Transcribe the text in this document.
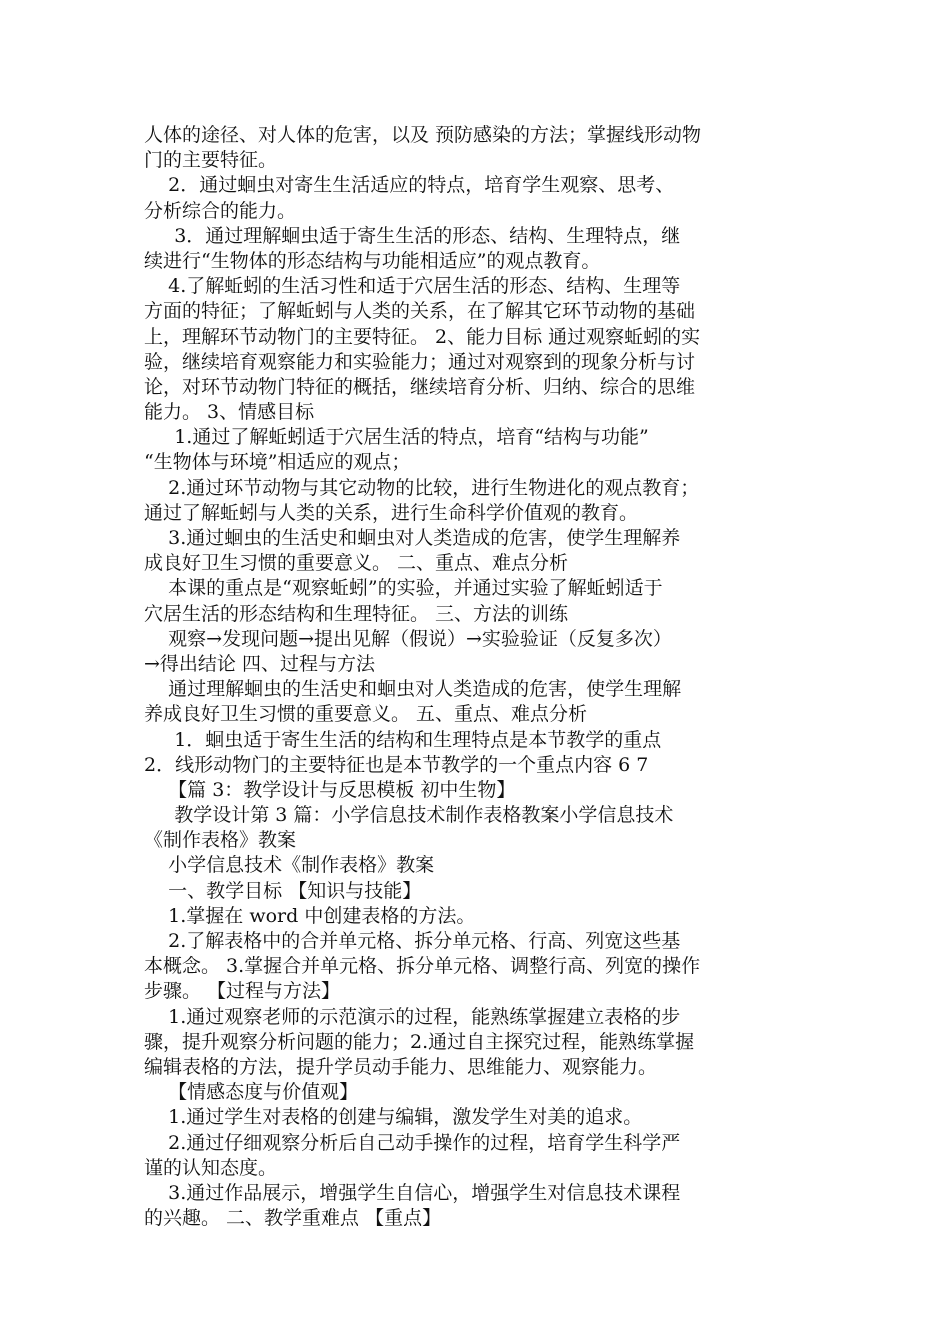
人体的途径、对人体的危害，以及 预防感染的方法；掌握线形动物
门的主要特征。
2．通过蛔虫对寄生生活适应的特点，培育学生观察、思考、
分析综合的能力。
3．通过理解蛔虫适于寄生生活的形态、结构、生理特点，继
续进行“生物体的形态结构与功能相适应”的观点教育。
4.了解蚯蚓的生活习性和适于穴居生活的形态、结构、生理等
方面的特征；了解蚯蚓与人类的关系，在了解其它环节动物的基础
上，理解环节动物门的主要特征。 2、能力目标 通过观察蚯蚓的实
验，继续培育观察能力和实验能力；通过对观察到的现象分析与讨
论，对环节动物门特征的概括，继续培育分析、归纳、综合的思维
能力。 3、情感目标
1.通过了解蚯蚓适于穴居生活的特点，培育“结构与功能”
“生物体与环境”相适应的观点；
2.通过环节动物与其它动物的比较，进行生物进化的观点教育；
通过了解蚯蚓与人类的关系，进行生命科学价值观的教育。
3.通过蛔虫的生活史和蛔虫对人类造成的危害，使学生理解养
成良好卫生习惯的重要意义。 二、重点、难点分析
本课的重点是“观察蚯蚓”的实验，并通过实验了解蚯蚓适于
穴居生活的形态结构和生理特征。 三、方法的训练
观察→发现问题→提出见解（假说）→实验验证（反复多次）
→得出结论 四、过程与方法
通过理解蛔虫的生活史和蛔虫对人类造成的危害，使学生理解
养成良好卫生习惯的重要意义。 五、重点、难点分析
1．蛔虫适于寄生生活的结构和生理特点是本节教学的重点
2．线形动物门的主要特征也是本节教学的一个重点内容 6 7
【篇 3：教学设计与反思模板 初中生物】
教学设计第 3 篇：小学信息技术制作表格教案小学信息技术
《制作表格》教案
小学信息技术《制作表格》教案
一、教学目标 【知识与技能】
1.掌握在 word 中创建表格的方法。
2.了解表格中的合并单元格、拆分单元格、行高、列宽这些基
本概念。 3.掌握合并单元格、拆分单元格、调整行高、列宽的操作
步骤。 【过程与方法】
1.通过观察老师的示范演示的过程，能熟练掌握建立表格的步
骤，提升观察分析问题的能力；2.通过自主探究过程，能熟练掌握
编辑表格的方法，提升学员动手能力、思维能力、观察能力。
【情感态度与价值观】
1.通过学生对表格的创建与编辑，激发学生对美的追求。
2.通过仔细观察分析后自己动手操作的过程，培育学生科学严
谨的认知态度。
3.通过作品展示，增强学生自信心，增强学生对信息技术课程
的兴趣。 二、教学重难点 【重点】
